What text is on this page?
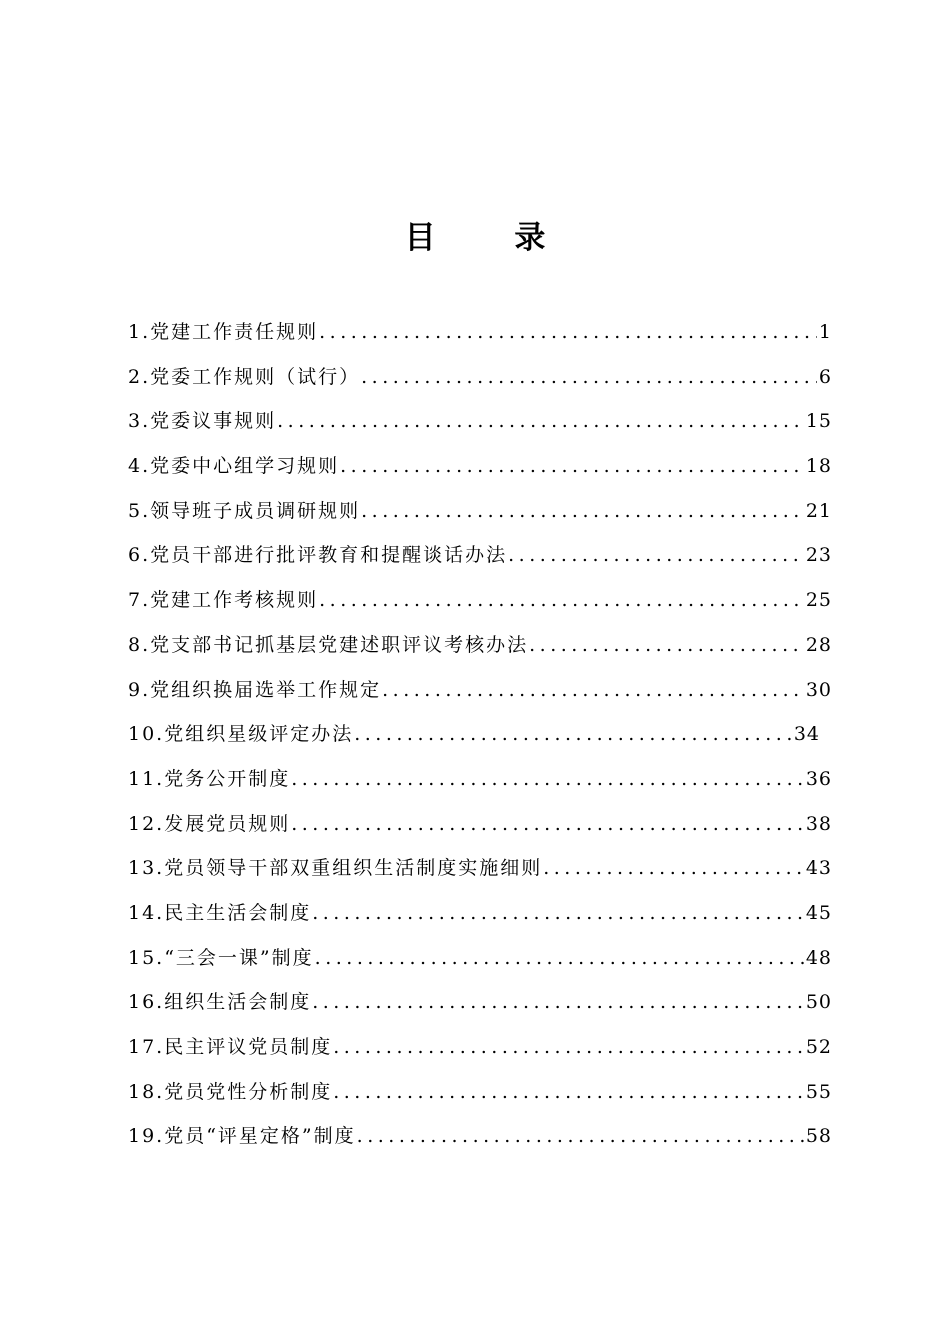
目 录
1.党建工作责任规则 .....	1
2.党委工作规则（试行） .....	6
3.党委议事规则 .....	15
4.党委中心组学习规则 .....	18
5.领导班子成员调研规则 .....	21
6.党员干部进行批评教育和提醒谈话办法 .....	23
7.党建工作考核规则 .....	25
8.党支部书记抓基层党建述职评议考核办法 .....	28
9.党组织换届选举工作规定 .....	30
10.党组织星级评定办法 .....	34
11.党务公开制度 .....	36
12.发展党员规则 .....	38
13.党员领导干部双重组织生活制度实施细则 .....	43
14.民主生活会制度 .....	45
15.“三会一课”制度 .....	48
16.组织生活会制度 .....	50
17.民主评议党员制度 .....	52
18.党员党性分析制度 .....	55
19.党员“评星定格”制度 .....	58
